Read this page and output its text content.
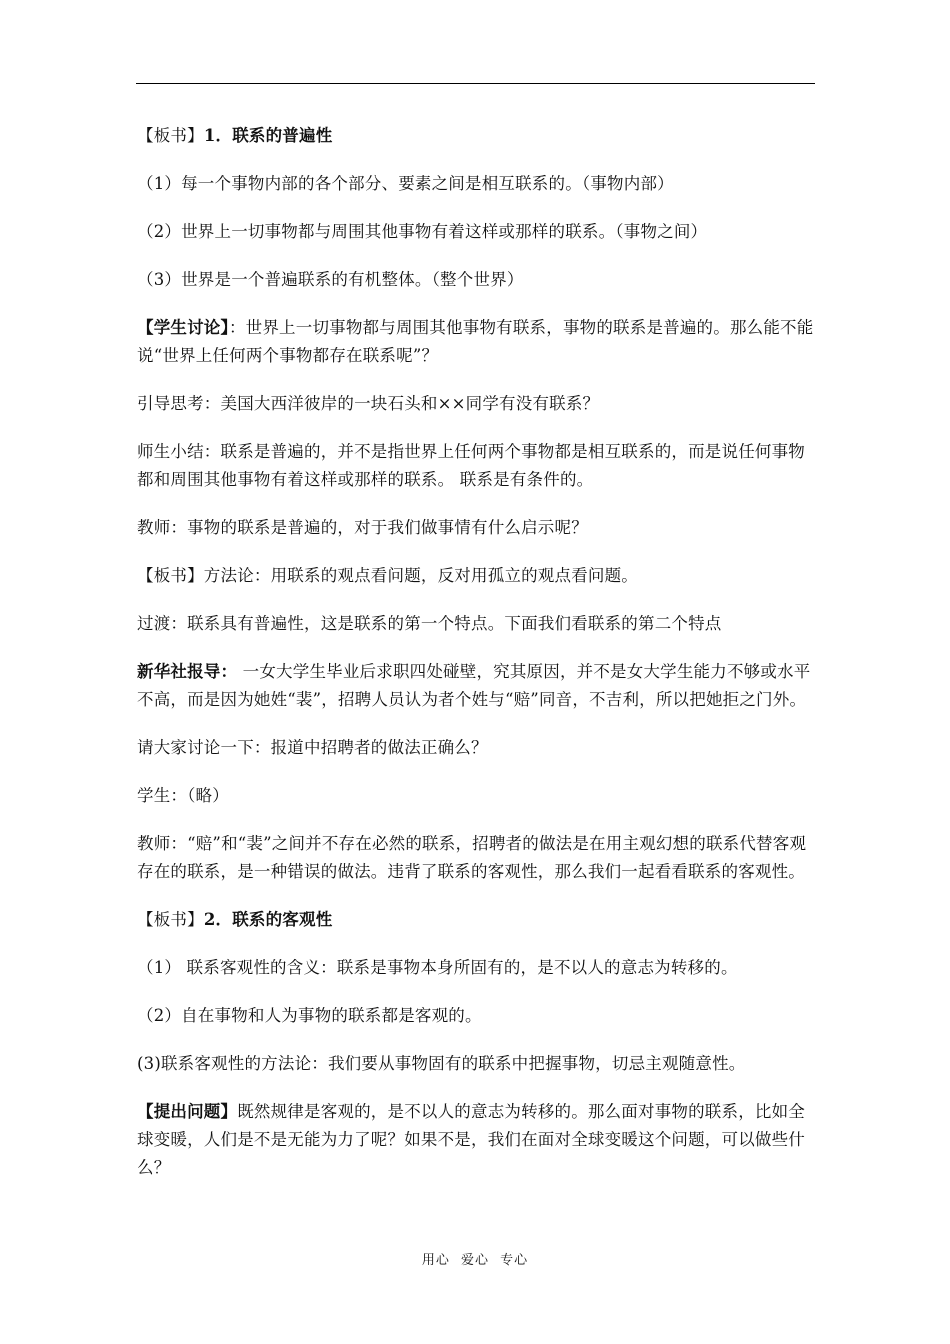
【板书】1．联系的普遍性

（1）每一个事物内部的各个部分、要素之间是相互联系的。（事物内部）

（2）世界上一切事物都与周围其他事物有着这样或那样的联系。（事物之间）

（3）世界是一个普遍联系的有机整体。（整个世界）

【学生讨论】：世界上一切事物都与周围其他事物有联系，事物的联系是普遍的。那么能不能说“世界上任何两个事物都存在联系呢”？

引导思考：美国大西洋彼岸的一块石头和××同学有没有联系？

师生小结：联系是普遍的，并不是指世界上任何两个事物都是相互联系的，而是说任何事物都和周围其他事物有着这样或那样的联系。 联系是有条件的。

教师：事物的联系是普遍的，对于我们做事情有什么启示呢？

【板书】方法论：用联系的观点看问题，反对用孤立的观点看问题。

过渡：联系具有普遍性，这是联系的第一个特点。下面我们看联系的第二个特点

新华社报导： 一女大学生毕业后求职四处碰壁，究其原因，并不是女大学生能力不够或水平不高，而是因为她姓“裴”，招聘人员认为者个姓与“赔”同音，不吉利，所以把她拒之门外。

请大家讨论一下：报道中招聘者的做法正确么？

学生：（略）

教师：“赔”和“裴”之间并不存在必然的联系，招聘者的做法是在用主观幻想的联系代替客观存在的联系，是一种错误的做法。违背了联系的客观性，那么我们一起看看联系的客观性。

【板书】2．联系的客观性

（1） 联系客观性的含义：联系是事物本身所固有的，是不以人的意志为转移的。

（2）自在事物和人为事物的联系都是客观的。

(3)联系客观性的方法论：我们要从事物固有的联系中把握事物，切忌主观随意性。

【提出问题】既然规律是客观的，是不以人的意志为转移的。那么面对事物的联系，比如全球变暖，人们是不是无能为力了呢？如果不是，我们在面对全球变暖这个问题，可以做些什么？

用心 爱心 专心
